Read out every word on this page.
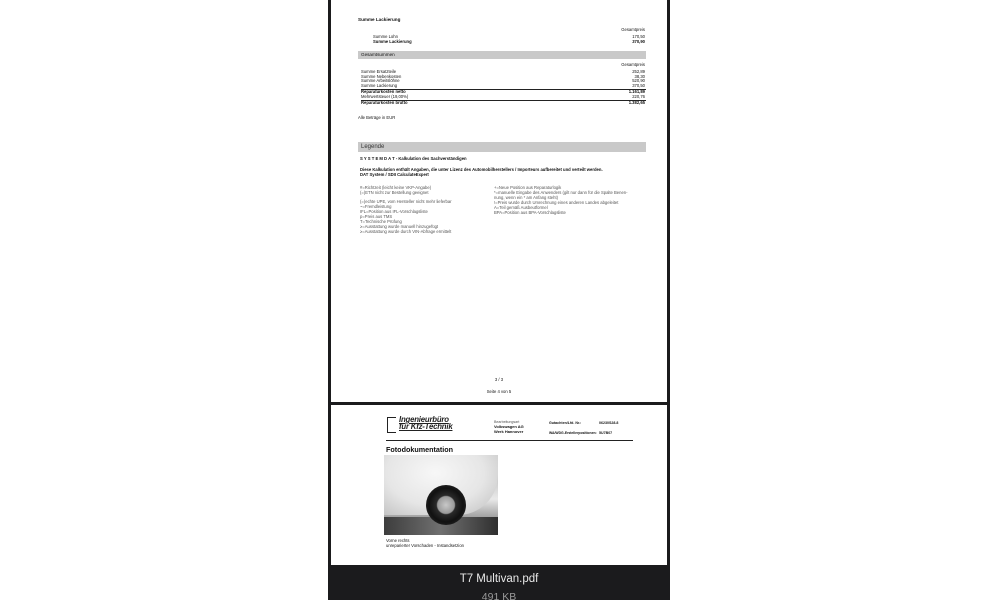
Summe Lackierung
Gesamtpreis
Summe Lohn	170,50
Summe Lackierung	370,90
Gesamtsummen
Gesamtpreis
Summe Ersatzteile	252,89
Summe Nebenkosten	38,30
Summe Arbeitslöhne	520,90
Summe Lackierung	370,50
Reparaturkosten netto	1.161,89
Mehrwertsteuer (19,00%)	220,76
Reparaturkosten brutto	1.382,65
Alle Beträge in EUR
Legende
S Y S T E M D A T - Kalkulation des Sachverständigen
Diese Kalkulation enthält Angaben, die unter Lizenz des Automobilherstellers / Importeurs aufbereitet und verteilt werden.
DAT System / SDII CalculateExpert
#=Richtzeit (leicht keine VKP-Angabe)
(=)ETN nicht zur Bestellung geeignet
(=)echte UPE, vom Hersteller nicht mehr lieferbar
~=Fremdleistung
IFL=Position aus IFL-Vorschlagsliste
p=Preis aus TMS
T=Technische Prüfung
≥=Ausstattung wurde manuell hinzugefügt
≥=Ausstattung wurde durch VIN-Abfrage ermittelt
+=Neue Position aus Reparaturlogik
*=manuelle Eingabe des Anwenders (gilt nur dann für die Spalte Benen-
nung, wenn ein * am Anfang steht)
!=Preis wurde durch Umrechnung eines anderen Landes abgeleitet
A=Teil gemäß Ausbeutformel
BPA=Position aus BPA-Vorschlagsliste
3 / 3
Seite 4 von 5
Ingenieurbüro
für Kfz-Technik
Bearbeitungsart
Volkswagen AG
Werk Hannover
Gutachten/Lfd. Nr.:	06230S28.8
WA/WDG-Erstellerpositionen: 5U7B07
Fotodokumentation
Vorne rechts
unreparierter Vorschaden - Instandsetzion
T7 Multivan.pdf
491 KB
